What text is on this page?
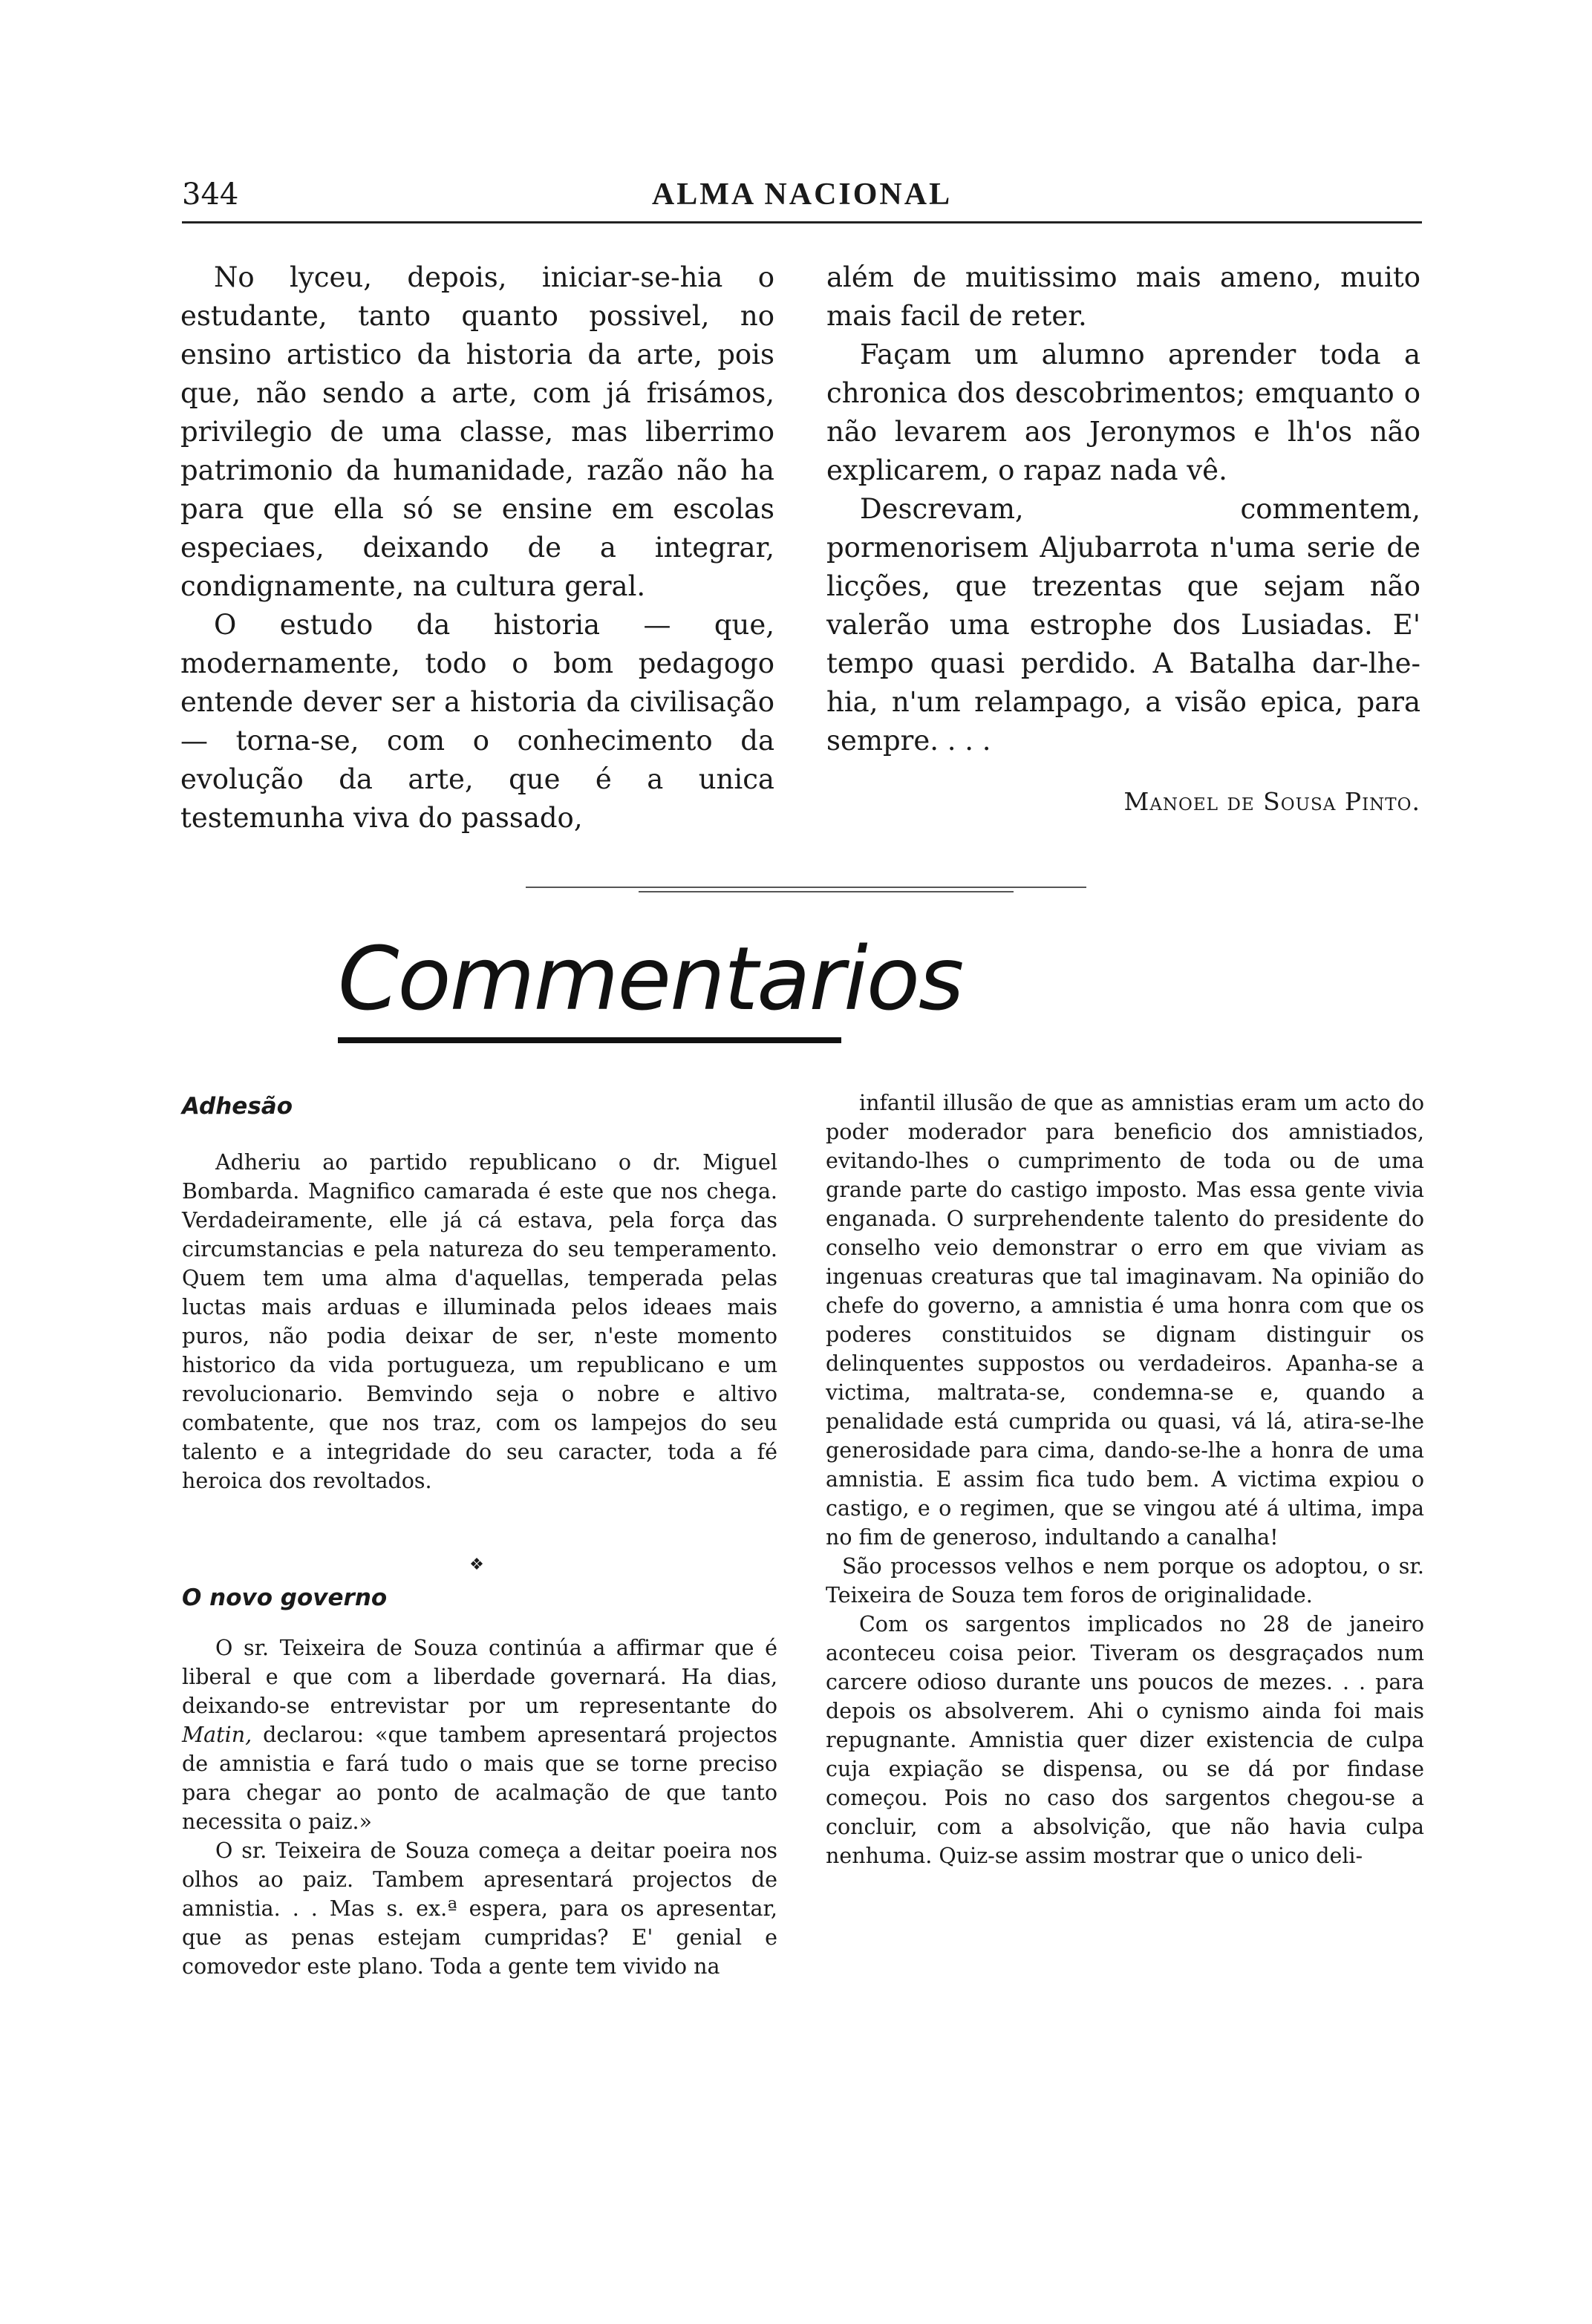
344	ALMA NACIONAL

No lyceu, depois, iniciar-se-hia o estudante, tanto quanto possivel, no ensino artistico da historia da arte, pois que, não sendo a arte, com já frisámos, privilegio de uma classe, mas liberrimo patrimonio da humanidade, razão não ha para que ella só se ensine em escolas especiaes, deixando de a integrar, condignamente, na cultura geral.

O estudo da historia — que, modernamente, todo o bom pedagogo entende dever ser a historia da civilisação — torna-se, com o conhecimento da evolução da arte, que é a unica testemunha viva do passado,

além de muitissimo mais ameno, muito mais facil de reter.

Façam um alumno aprender toda a chronica dos descobrimentos; emquanto o não levarem aos Jeronymos e lh'os não explicarem, o rapaz nada vê.

Descrevam, commentem, pormenorisem Aljubarrota n'uma serie de licções, que trezentas que sejam não valerão uma estrophe dos Lusiadas. E' tempo quasi perdido. A Batalha dar-lhe-hia, n'um relampago, a visão epica, para sempre. . . .

Manoel de Sousa Pinto.
Commentarios
Adhesão

Adheriu ao partido republicano o dr. Miguel Bombarda. Magnifico camarada é este que nos chega. Verdadeiramente, elle já cá estava, pela força das circumstancias e pela natureza do seu temperamento. Quem tem uma alma d'aquellas, temperada pelas luctas mais arduas e illuminada pelos ideaes mais puros, não podia deixar de ser, n'este momento historico da vida portugueza, um republicano e um revolucionario. Bemvindo seja o nobre e altivo combatente, que nos traz, com os lampejos do seu talento e a integridade do seu caracter, toda a fé heroica dos revoltados.

❖
O novo governo

O sr. Teixeira de Souza continúa a affirmar que é liberal e que com a liberdade governará. Ha dias, deixando-se entrevistar por um representante do Matin, declarou: «que tambem apresentará projectos de amnistia e fará tudo o mais que se torne preciso para chegar ao ponto de acalmação de que tanto necessita o paiz.»

O sr. Teixeira de Souza começa a deitar poeira nos olhos ao paiz. Tambem apresentará projectos de amnistia. . . Mas s. ex.ª espera, para os apresentar, que as penas estejam cumpridas? E' genial e comovedor este plano. Toda a gente tem vivido na

infantil illusão de que as amnistias eram um acto do poder moderador para beneficio dos amnistiados, evitando-lhes o cumprimento de toda ou de uma grande parte do castigo imposto. Mas essa gente vivia enganada. O surprehendente talento do presidente do conselho veio demonstrar o erro em que viviam as ingenuas creaturas que tal imaginavam. Na opinião do chefe do governo, a amnistia é uma honra com que os poderes constituidos se dignam distinguir os delinquentes suppostos ou verdadeiros. Apanha-se a victima, maltrata-se, condemna-se e, quando a penalidade está cumprida ou quasi, vá lá, atira-se-lhe generosidade para cima, dando-se-lhe a honra de uma amnistia. E assim fica tudo bem. A victima expiou o castigo, e o regimen, que se vingou até á ultima, impa no fim de generoso, indultando a canalha!

São processos velhos e nem porque os adoptou, o sr. Teixeira de Souza tem foros de originalidade.

Com os sargentos implicados no 28 de janeiro aconteceu coisa peior. Tiveram os desgraçados num carcere odioso durante uns poucos de mezes. . . para depois os absolverem. Ahi o cynismo ainda foi mais repugnante. Amnistia quer dizer existencia de culpa cuja expiação se dispensa, ou se dá por findase começou. Pois no caso dos sargentos chegou-se a concluir, com a absolvição, que não havia culpa nenhuma. Quiz-se assim mostrar que o unico deli-
